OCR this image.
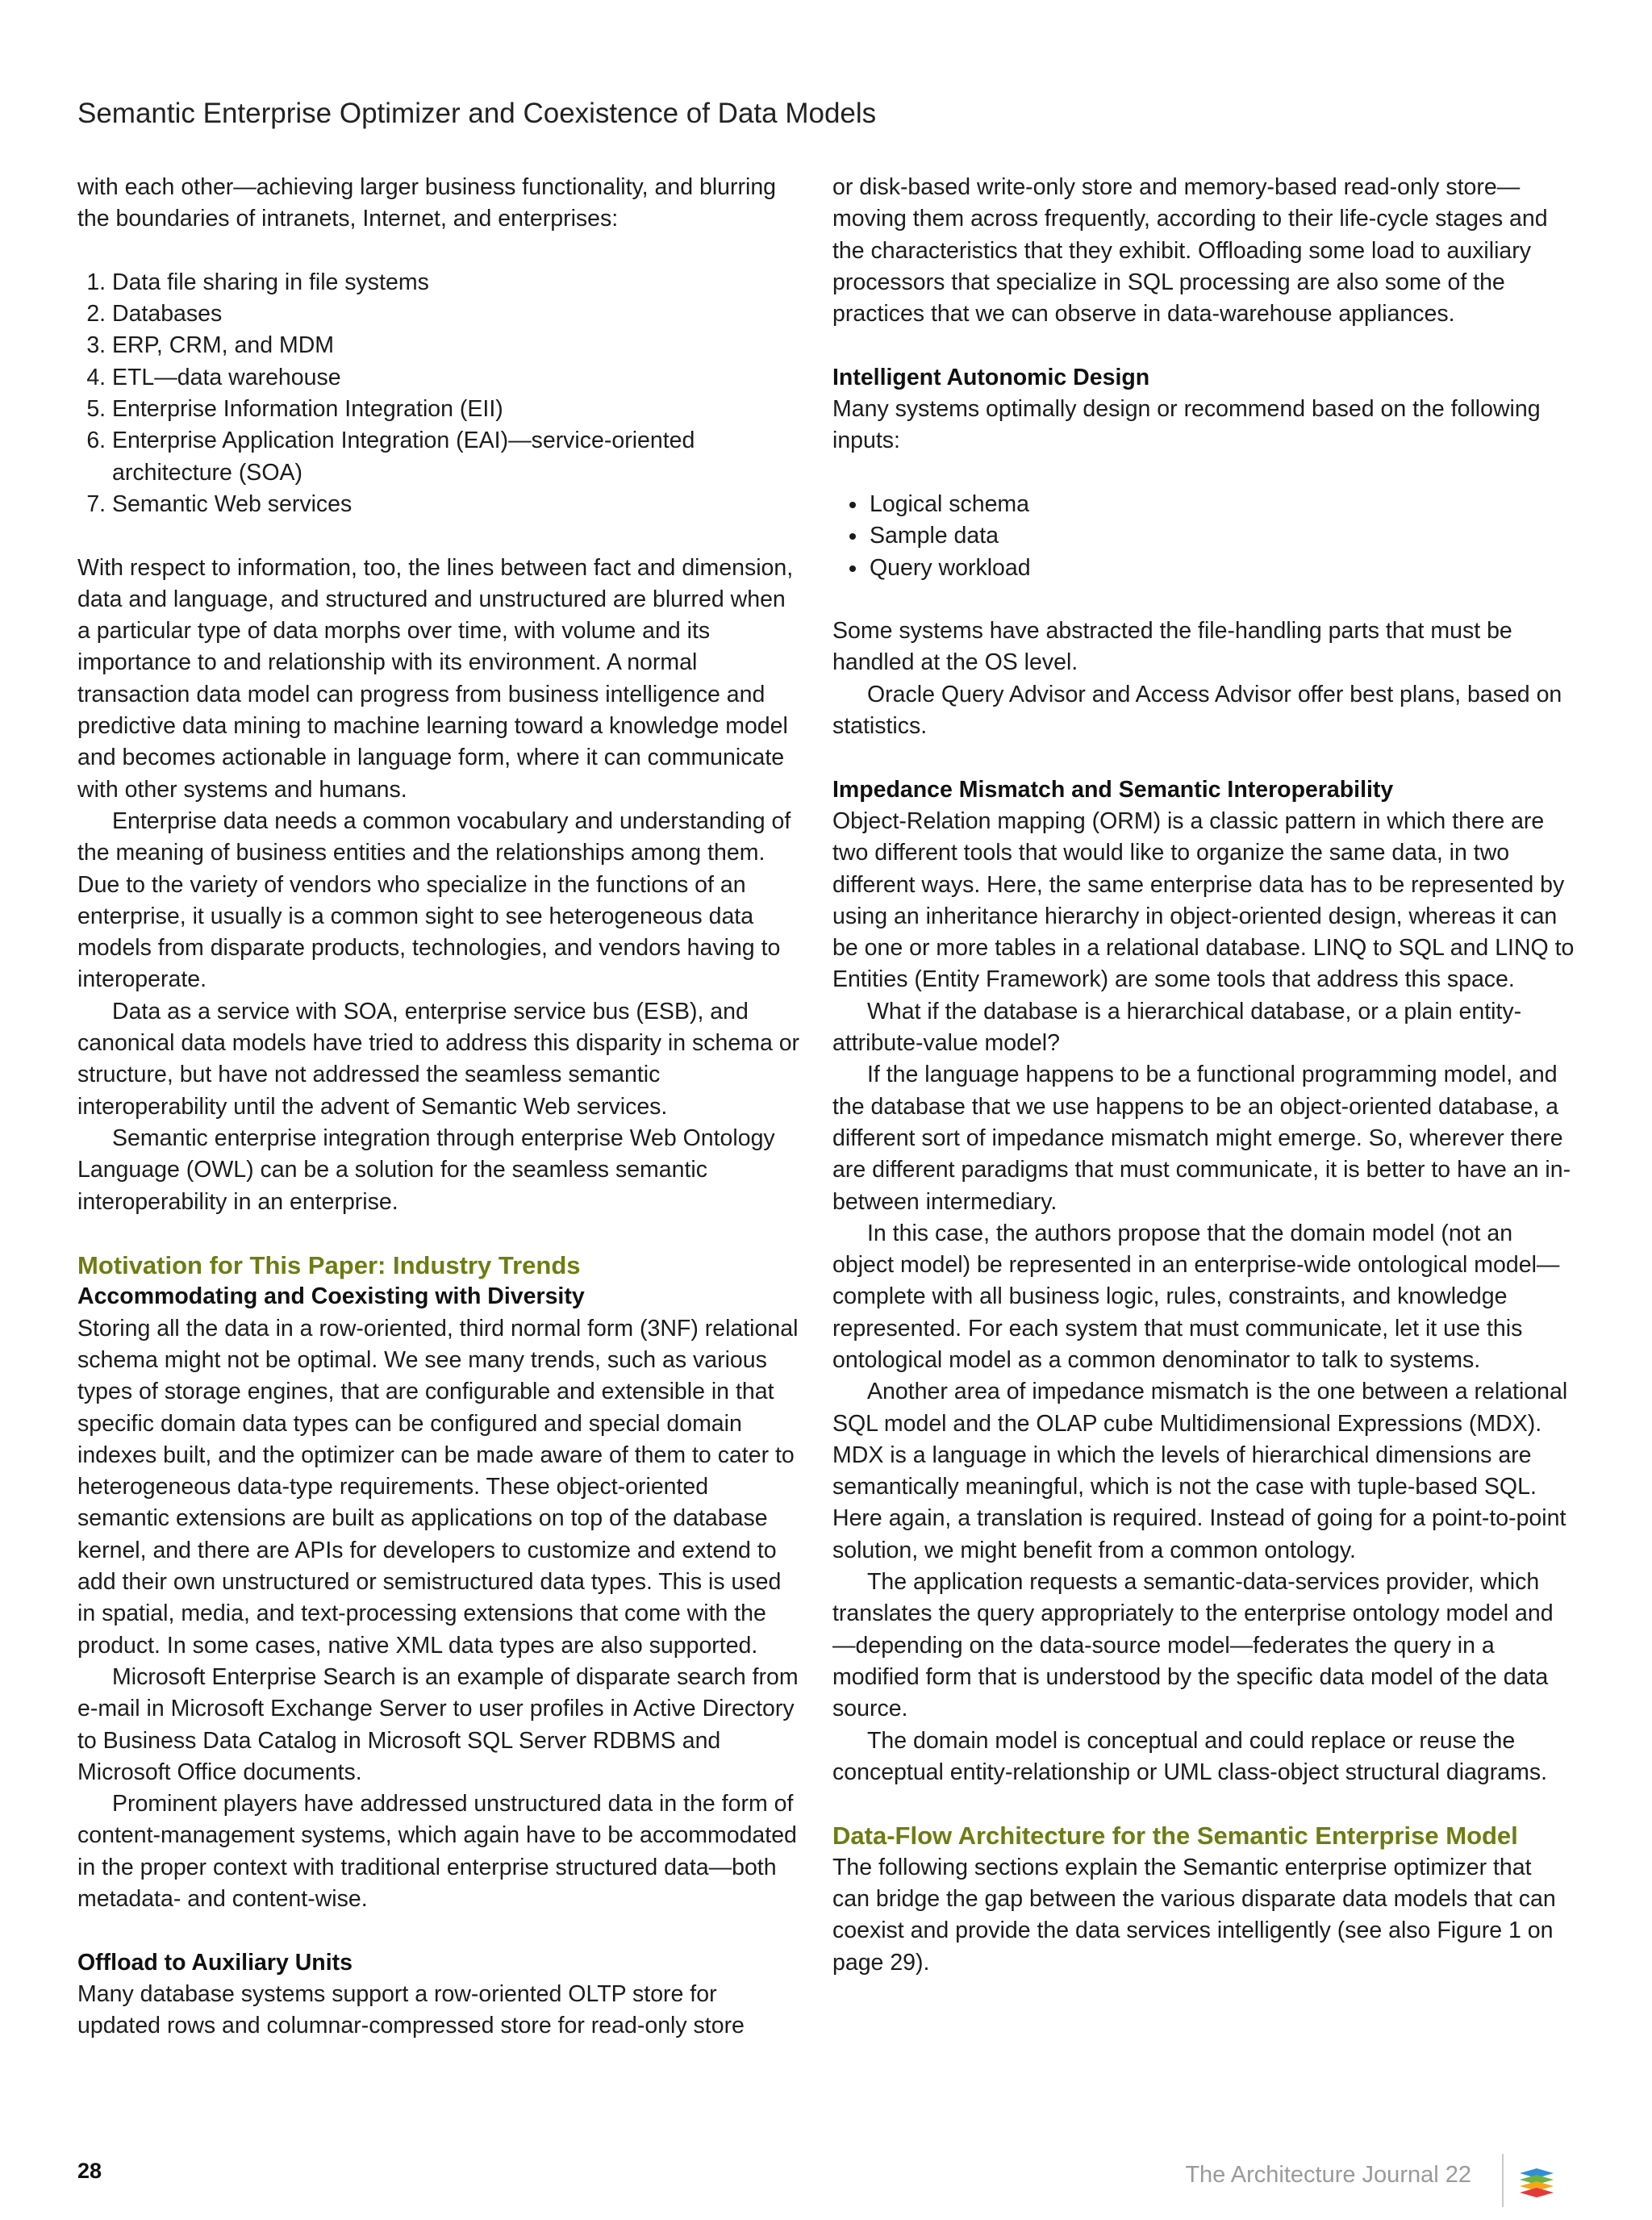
Semantic Enterprise Optimizer and Coexistence of Data Models

with each other—achieving larger business functionality, and blurring the boundaries of intranets, Internet, and enterprises:

1. Data file sharing in file systems
2. Databases
3. ERP, CRM, and MDM
4. ETL—data warehouse
5. Enterprise Information Integration (EII)
6. Enterprise Application Integration (EAI)—service-oriented architecture (SOA)
7. Semantic Web services

With respect to information, too, the lines between fact and dimension, data and language, and structured and unstructured are blurred when a particular type of data morphs over time, with volume and its importance to and relationship with its environment. A normal transaction data model can progress from business intelligence and predictive data mining to machine learning toward a knowledge model and becomes actionable in language form, where it can communicate with other systems and humans.

Enterprise data needs a common vocabulary and understanding of the meaning of business entities and the relationships among them. Due to the variety of vendors who specialize in the functions of an enterprise, it usually is a common sight to see heterogeneous data models from disparate products, technologies, and vendors having to interoperate.

Data as a service with SOA, enterprise service bus (ESB), and canonical data models have tried to address this disparity in schema or structure, but have not addressed the seamless semantic interoperability until the advent of Semantic Web services.

Semantic enterprise integration through enterprise Web Ontology Language (OWL) can be a solution for the seamless semantic interoperability in an enterprise.

Motivation for This Paper: Industry Trends
Accommodating and Coexisting with Diversity

Storing all the data in a row-oriented, third normal form (3NF) relational schema might not be optimal. We see many trends, such as various types of storage engines, that are configurable and extensible in that specific domain data types can be configured and special domain indexes built, and the optimizer can be made aware of them to cater to heterogeneous data-type requirements. These object-oriented semantic extensions are built as applications on top of the database kernel, and there are APIs for developers to customize and extend to add their own unstructured or semistructured data types. This is used in spatial, media, and text-processing extensions that come with the product. In some cases, native XML data types are also supported.

Microsoft Enterprise Search is an example of disparate search from e-mail in Microsoft Exchange Server to user profiles in Active Directory to Business Data Catalog in Microsoft SQL Server RDBMS and Microsoft Office documents.

Prominent players have addressed unstructured data in the form of content-management systems, which again have to be accommodated in the proper context with traditional enterprise structured data—both metadata- and content-wise.

Offload to Auxiliary Units

Many database systems support a row-oriented OLTP store for updated rows and columnar-compressed store for read-only store

or disk-based write-only store and memory-based read-only store—moving them across frequently, according to their life-cycle stages and the characteristics that they exhibit. Offloading some load to auxiliary processors that specialize in SQL processing are also some of the practices that we can observe in data-warehouse appliances.

Intelligent Autonomic Design

Many systems optimally design or recommend based on the following inputs:

• Logical schema
• Sample data
• Query workload

Some systems have abstracted the file-handling parts that must be handled at the OS level.

Oracle Query Advisor and Access Advisor offer best plans, based on statistics.

Impedance Mismatch and Semantic Interoperability

Object-Relation mapping (ORM) is a classic pattern in which there are two different tools that would like to organize the same data, in two different ways. Here, the same enterprise data has to be represented by using an inheritance hierarchy in object-oriented design, whereas it can be one or more tables in a relational database. LINQ to SQL and LINQ to Entities (Entity Framework) are some tools that address this space.

What if the database is a hierarchical database, or a plain entity-attribute-value model?

If the language happens to be a functional programming model, and the database that we use happens to be an object-oriented database, a different sort of impedance mismatch might emerge. So, wherever there are different paradigms that must communicate, it is better to have an in-between intermediary.

In this case, the authors propose that the domain model (not an object model) be represented in an enterprise-wide ontological model—complete with all business logic, rules, constraints, and knowledge represented. For each system that must communicate, let it use this ontological model as a common denominator to talk to systems.

Another area of impedance mismatch is the one between a relational SQL model and the OLAP cube Multidimensional Expressions (MDX). MDX is a language in which the levels of hierarchical dimensions are semantically meaningful, which is not the case with tuple-based SQL. Here again, a translation is required. Instead of going for a point-to-point solution, we might benefit from a common ontology.

The application requests a semantic-data-services provider, which translates the query appropriately to the enterprise ontology model and—depending on the data-source model—federates the query in a modified form that is understood by the specific data model of the data source.

The domain model is conceptual and could replace or reuse the conceptual entity-relationship or UML class-object structural diagrams.

Data-Flow Architecture for the Semantic Enterprise Model

The following sections explain the Semantic enterprise optimizer that can bridge the gap between the various disparate data models that can coexist and provide the data services intelligently (see also Figure 1 on page 29).

28	The Architecture Journal 22
